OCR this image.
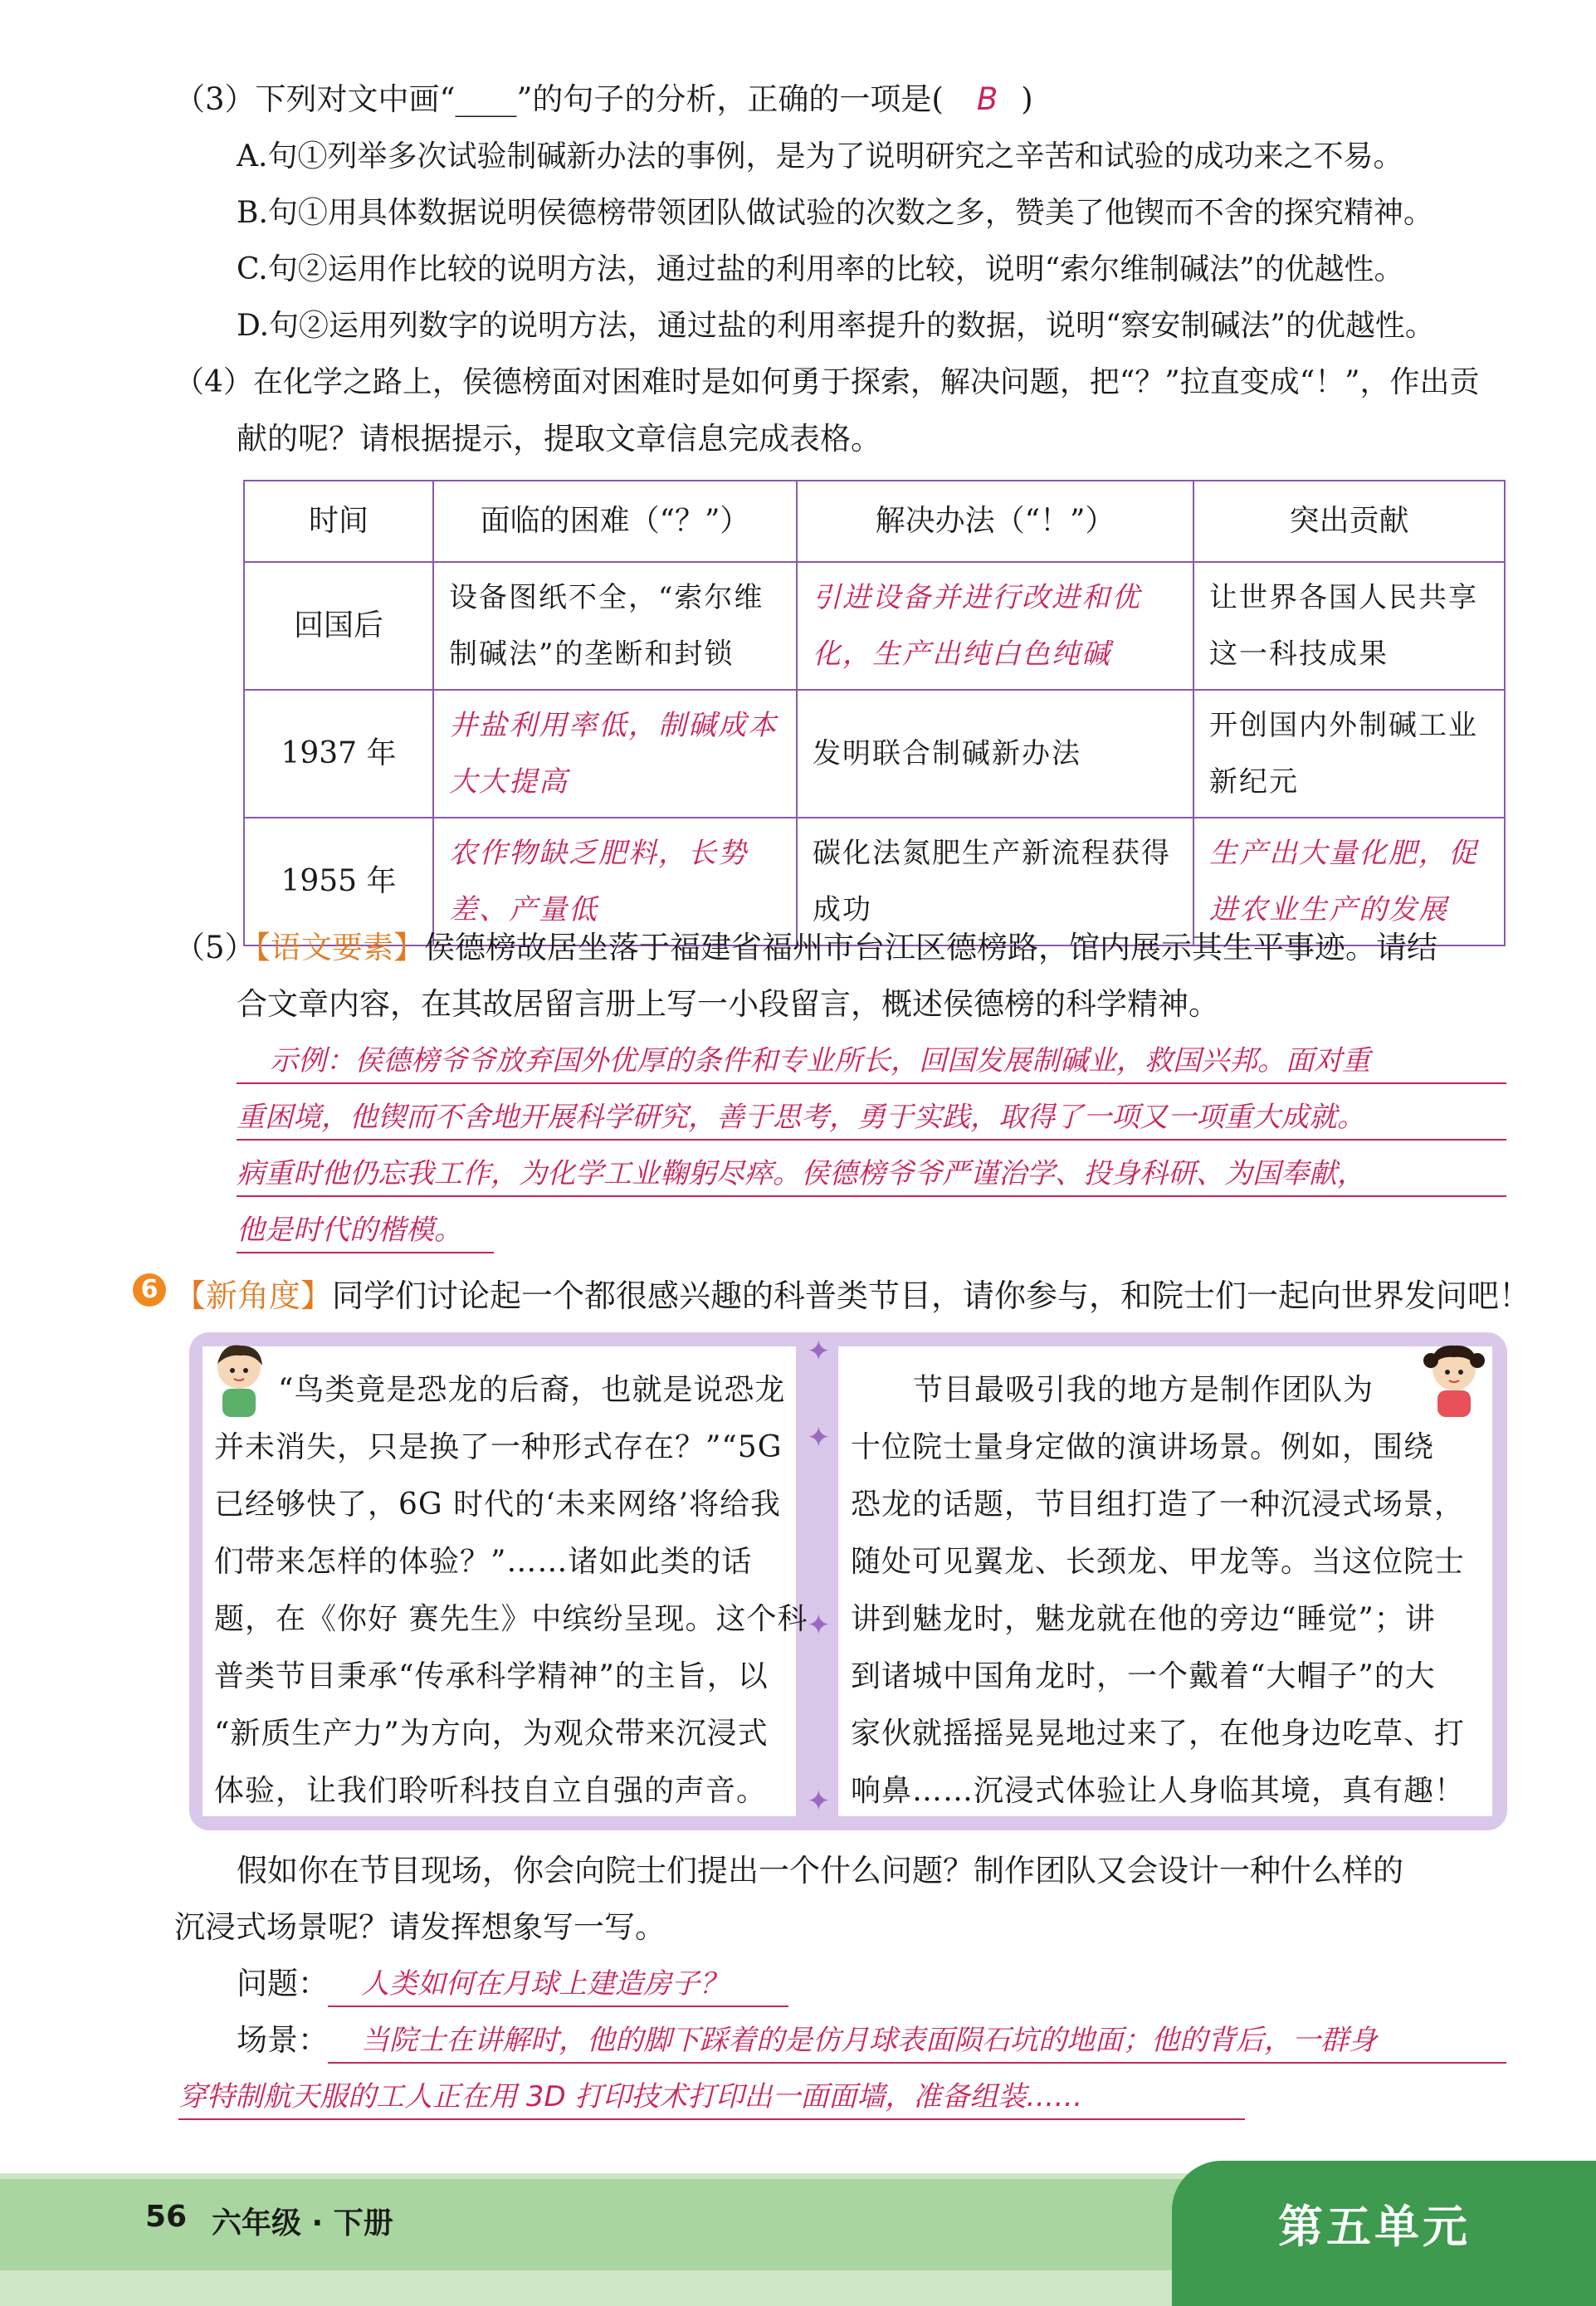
（3）下列对文中画“____”的句子的分析，正确的一项是( B )
A.句①列举多次试验制碱新办法的事例，是为了说明研究之辛苦和试验的成功来之不易。
B.句①用具体数据说明侯德榜带领团队做试验的次数之多，赞美了他锲而不舍的探究精神。
C.句②运用作比较的说明方法，通过盐的利用率的比较，说明“索尔维制碱法”的优越性。
D.句②运用列数字的说明方法，通过盐的利用率提升的数据，说明“察安制碱法”的优越性。
（4）在化学之路上，侯德榜面对困难时是如何勇于探索，解决问题，把“？”拉直变成“！”，作出贡
献的呢？请根据提示，提取文章信息完成表格。
时间	面临的困难（“？”）	解决办法（“！”）	突出贡献
回国后	设备图纸不全，“索尔维制碱法”的垄断和封锁	引进设备并进行改进和优化，生产出纯白色纯碱	让世界各国人民共享这一科技成果
1937 年	井盐利用率低，制碱成本大大提高	发明联合制碱新办法	开创国内外制碱工业新纪元
1955 年	农作物缺乏肥料，长势差、产量低	碳化法氮肥生产新流程获得成功	生产出大量化肥，促进农业生产的发展
（5）【语文要素】侯德榜故居坐落于福建省福州市台江区德榜路，馆内展示其生平事迹。请结
合文章内容，在其故居留言册上写一小段留言，概述侯德榜的科学精神。
示例：侯德榜爷爷放弃国外优厚的条件和专业所长，回国发展制碱业，救国兴邦。面对重
重困境，他锲而不舍地开展科学研究，善于思考，勇于实践，取得了一项又一项重大成就。
病重时他仍忘我工作，为化学工业鞠躬尽瘁。侯德榜爷爷严谨治学、投身科研、为国奉献，
他是时代的楷模。
6 【新角度】同学们讨论起一个都很感兴趣的科普类节目，请你参与，和院士们一起向世界发问吧！
✦
✦
✦
✦
“鸟类竟是恐龙的后裔，也就是说恐龙
并未消失，只是换了一种形式存在？”“5G
已经够快了，6G 时代的‘未来网络’将给我
们带来怎样的体验？”……诸如此类的话
题，在《你好 赛先生》中缤纷呈现。这个科
普类节目秉承“传承科学精神”的主旨，以
“新质生产力”为方向，为观众带来沉浸式
体验，让我们聆听科技自立自强的声音。
节目最吸引我的地方是制作团队为
十位院士量身定做的演讲场景。例如，围绕
恐龙的话题，节目组打造了一种沉浸式场景，
随处可见翼龙、长颈龙、甲龙等。当这位院士
讲到魅龙时，魅龙就在他的旁边“睡觉”；讲
到诸城中国角龙时，一个戴着“大帽子”的大
家伙就摇摇晃晃地过来了，在他身边吃草、打
响鼻……沉浸式体验让人身临其境，真有趣！
假如你在节目现场，你会向院士们提出一个什么问题？制作团队又会设计一种什么样的
沉浸式场景呢？请发挥想象写一写。
问题： 人类如何在月球上建造房子？
场景： 当院士在讲解时，他的脚下踩着的是仿月球表面陨石坑的地面；他的背后，一群身
穿特制航天服的工人正在用 3D 打印技术打印出一面面墙，准备组装……
56 六年级 · 下册	第五单元
